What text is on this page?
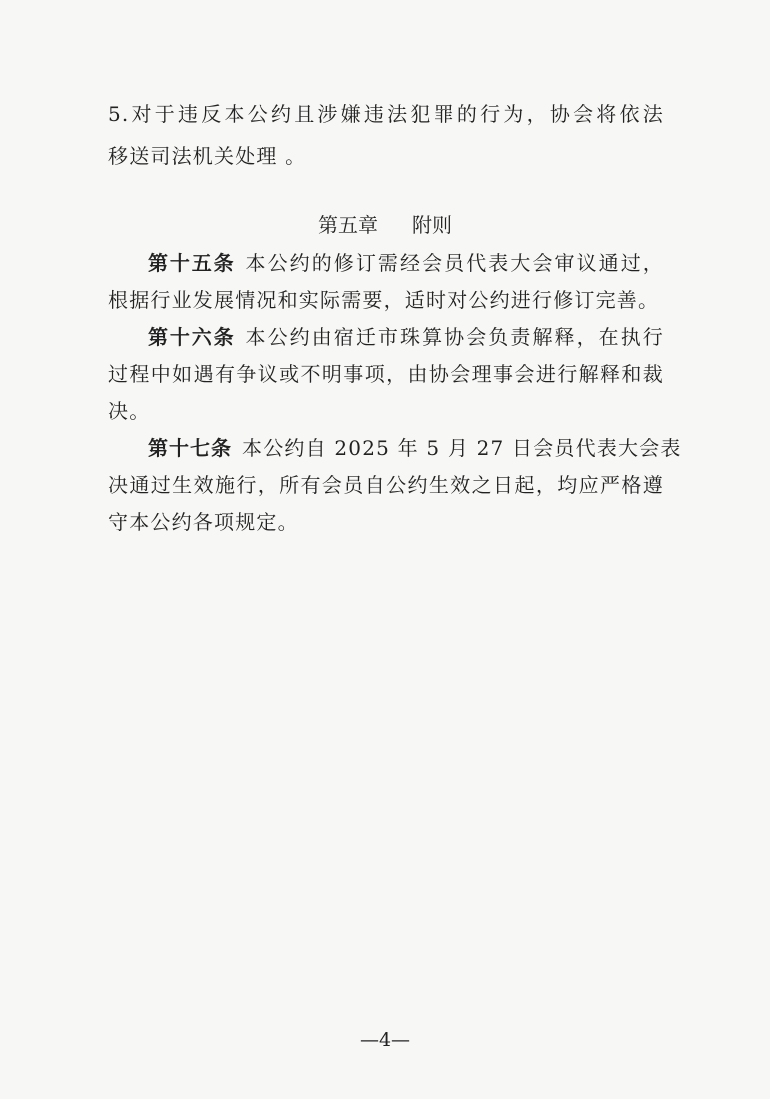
5.对于违反本公约且涉嫌违法犯罪的行为，协会将依法
移送司法机关处理 。
第五章 附则
第十五条 本公约的修订需经会员代表大会审议通过，
根据行业发展情况和实际需要，适时对公约进行修订完善。
第十六条 本公约由宿迁市珠算协会负责解释，在执行
过程中如遇有争议或不明事项，由协会理事会进行解释和裁
决。
第十七条 本公约自 2025 年 5 月 27 日会员代表大会表
决通过生效施行，所有会员自公约生效之日起，均应严格遵
守本公约各项规定。
—4—
